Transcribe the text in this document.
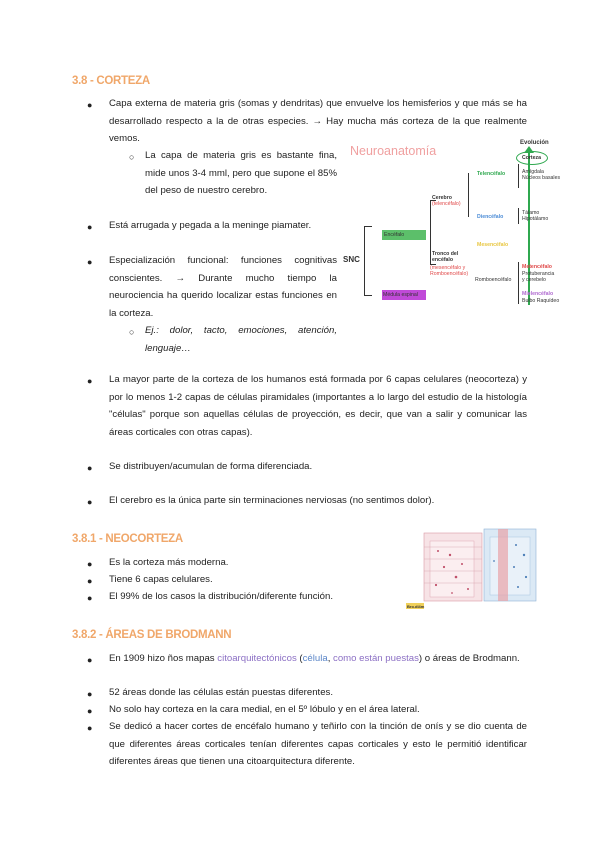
3.8 - CORTEZA
● Capa externa de materia gris (somas y dendritas) que envuelve los hemisferios y que más se ha desarrollado respecto a la de otras especies. → Hay mucha más corteza de la que realmente vemos.
○ La capa de materia gris es bastante fina, mide unos 3-4 mml, pero que supone el 85% del peso de nuestro cerebro.
● Está arrugada y pegada a la meninge piamater.
● Especialización funcional: funciones cognitivas conscientes. → Durante mucho tiempo la neurociencia ha querido localizar estas funciones en la corteza.
○ Ej.: dolor, tacto, emociones, atención, lenguaje…
Neuroanatomía
Evolución
SNC
Encéfalo
Médula espinal
Cerebro
(telencéfalo)
Tronco del encéfalo
(mesencéfalo y Romboencéfalo)
Telencéfalo
Diencéfalo
Mesencéfalo
Romboencéfalo
Corteza
Amígdala
Núcleos basales
Tálamo
Hipotálamo
Metencéfalo
Protuberancia
y cerebelo
Mielencéfalo
Bulbo Raquídeo
● La mayor parte de la corteza de los humanos está formada por 6 capas celulares (neocorteza) y por lo menos 1-2 capas de células piramidales (importantes a lo largo del estudio de la histología "células" porque son aquellas células de proyección, es decir, que van a salir y comunicar las áreas corticales con otras capas).
● Se distribuyen/acumulan de forma diferenciada.
● El cerebro es la única parte sin terminaciones nerviosas (no sentimos dolor).
3.8.1 - NEOCORTEZA
● Es la corteza más moderna.
● Tiene 6 capas celulares.
● El 99% de los casos la distribución/diferente función.
Bro.dl4m
3.8.2 - ÁREAS DE BRODMANN
● En 1909 hizo ños mapas citoarquitectónicos (célula, como están puestas) o áreas de Brodmann.
● 52 áreas donde las células están puestas diferentes.
● No solo hay corteza en la cara medial, en el 5º lóbulo y en el área lateral.
● Se dedicó a hacer cortes de encéfalo humano y teñirlo con la tinción de onís y se dio cuenta de que diferentes áreas corticales tenían diferentes capas corticales y esto le permitió identificar diferentes áreas que tienen una citoarquitectura diferente.
